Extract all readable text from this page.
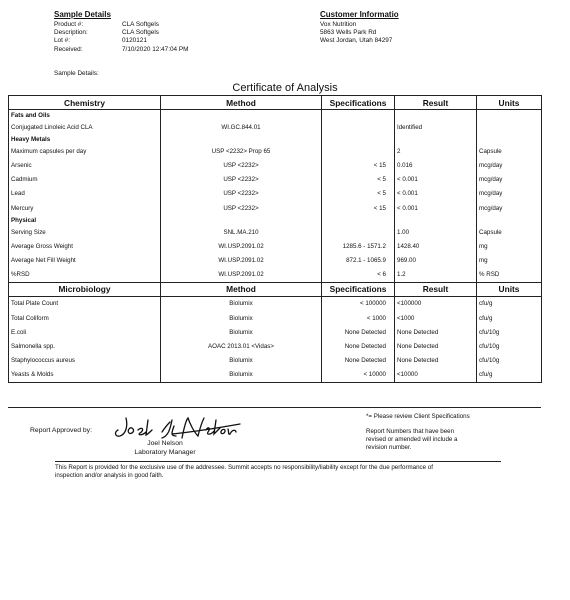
Sample Details
Product #:	CLA Softgels
Description:	CLA Softgels
Lot #:	0120121
Received:	7/10/2020 12:47:04 PM
Sample Details:
Customer Informatio
Vox Nutrition
5863 Wells Park Rd
West Jordan, Utah 84297
Certificate of Analysis
Chemistry	Method	Specifications	Result	Units
Fats and Oils				
Conjugated Linoleic Acid CLA	WI.GC.844.01		Identified	
Heavy Metals				
Maximum capsules per day	USP <2232> Prop 65		2	Capsule
Arsenic	USP <2232>	< 15	0.016	mcg/day
Cadmium	USP <2232>	< 5	< 0.001	mcg/day
Lead	USP <2232>	< 5	< 0.001	mcg/day
Mercury	USP <2232>	< 15	< 0.001	mcg/day
Physical				
Serving Size	SNL.MA.210		1.00	Capsule
Average Gross Weight	WI.USP.2091.02	1285.6 - 1571.2	1428.40	mg
Average Net Fill Weight	WI.USP.2091.02	872.1 - 1065.9	969.00	mg
%RSD	WI.USP.2091.02	< 6	1.2	% RSD
Microbiology	Method	Specifications	Result	Units
Total Plate Count	Biolumix	< 100000	<100000	cfu/g
Total Coliform	Biolumix	< 1000	<1000	cfu/g
E.coli	Biolumix	None Detected	None Detected	cfu/10g
Salmonella spp.	AOAC 2013.01 <Vidas>	None Detected	None Detected	cfu/10g
Staphylococcus aureus	Biolumix	None Detected	None Detected	cfu/10g
Yeasts & Molds	Biolumix	< 10000	<10000	cfu/g
Report Approved by:
Joel Nelson
Laboratory Manager
*= Please review Client Specifications
Report Numbers that have been
revised or amended will include a
revision number.
This Report is provided for the exclusive use of the addressee. Summit accepts no responsibility/liability except for the due performance of
inspection and/or analysis in good faith.
